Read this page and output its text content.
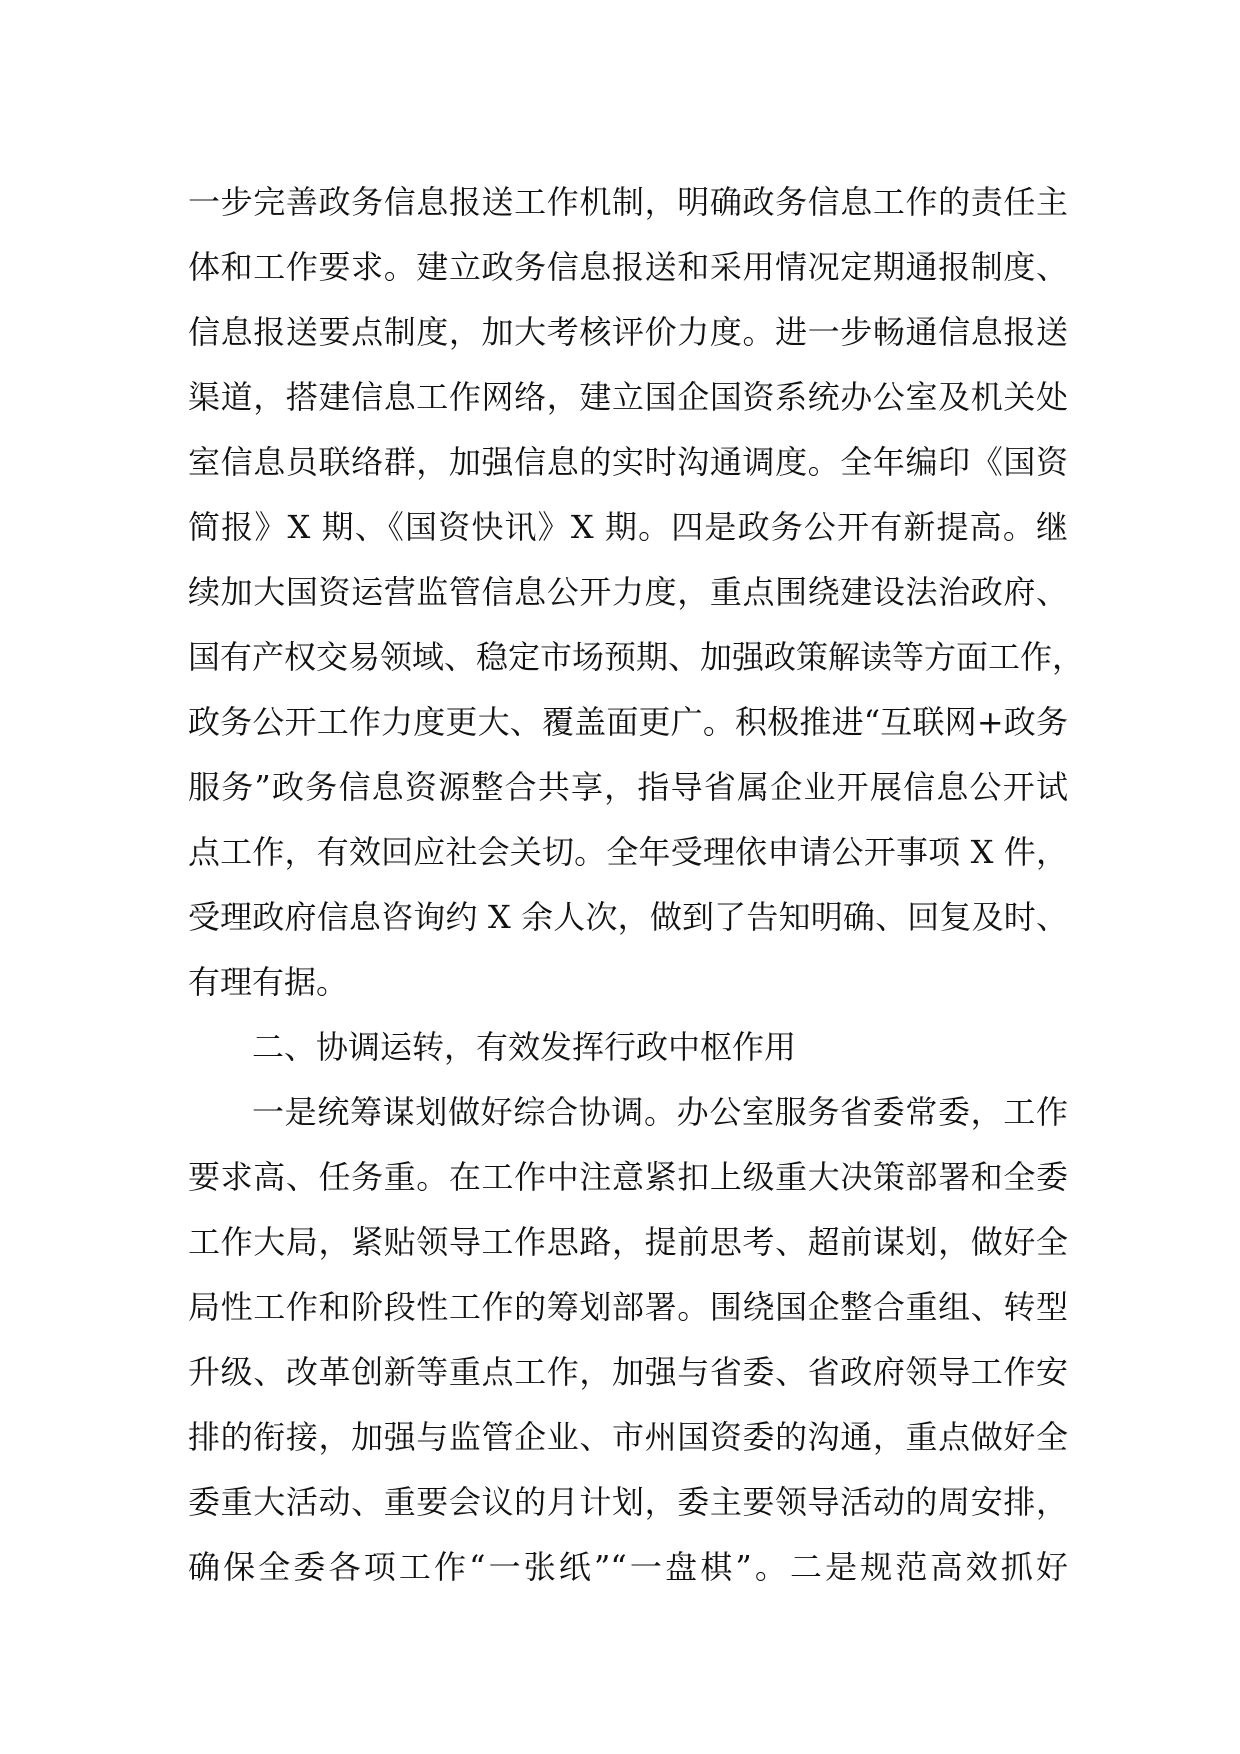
一步完善政务信息报送工作机制，明确政务信息工作的责任主
体和工作要求。建立政务信息报送和采用情况定期通报制度、
信息报送要点制度，加大考核评价力度。进一步畅通信息报送
渠道，搭建信息工作网络，建立国企国资系统办公室及机关处
室信息员联络群，加强信息的实时沟通调度。全年编印《国资
简报》X 期、《国资快讯》X 期。四是政务公开有新提高。继
续加大国资运营监管信息公开力度，重点围绕建设法治政府、
国有产权交易领域、稳定市场预期、加强政策解读等方面工作，
政务公开工作力度更大、覆盖面更广。积极推进“互联网+政务
服务”政务信息资源整合共享，指导省属企业开展信息公开试
点工作，有效回应社会关切。全年受理依申请公开事项 X 件，
受理政府信息咨询约 X 余人次，做到了告知明确、回复及时、
有理有据。
二、协调运转，有效发挥行政中枢作用
一是统筹谋划做好综合协调。办公室服务省委常委，工作
要求高、任务重。在工作中注意紧扣上级重大决策部署和全委
工作大局，紧贴领导工作思路，提前思考、超前谋划，做好全
局性工作和阶段性工作的筹划部署。围绕国企整合重组、转型
升级、改革创新等重点工作，加强与省委、省政府领导工作安
排的衔接，加强与监管企业、市州国资委的沟通，重点做好全
委重大活动、重要会议的月计划，委主要领导活动的周安排，
确保全委各项工作“一张纸”“一盘棋”。二是规范高效抓好
